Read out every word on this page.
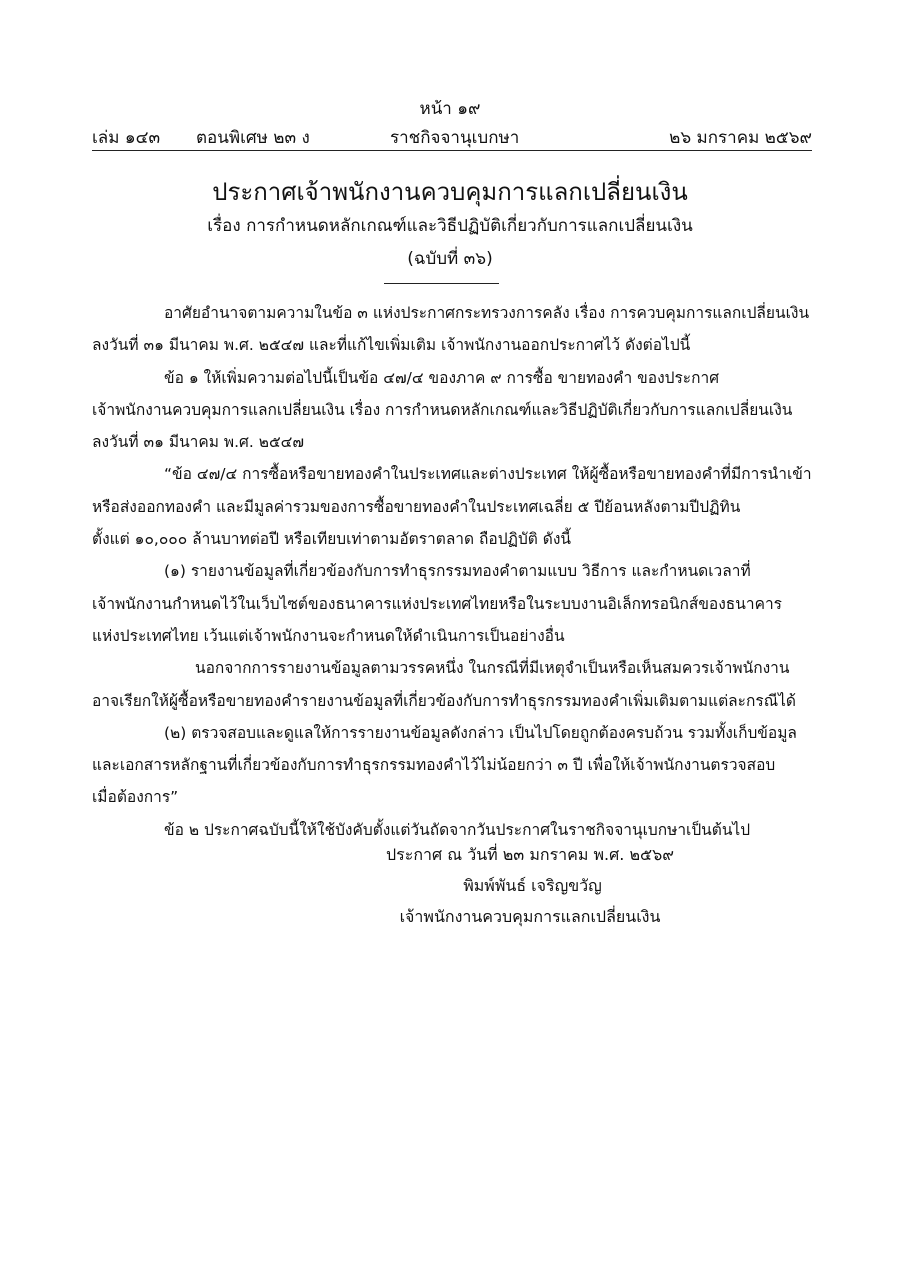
หน้า ๑๙
เล่ม ๑๔๓ ตอนพิเศษ ๒๓ ง	ราชกิจจานุเบกษา	๒๖ มกราคม ๒๕๖๙
ประกาศเจ้าพนักงานควบคุมการแลกเปลี่ยนเงิน
เรื่อง การกำหนดหลักเกณฑ์และวิธีปฏิบัติเกี่ยวกับการแลกเปลี่ยนเงิน
(ฉบับที่ ๓๖)
อาศัยอำนาจตามความในข้อ ๓ แห่งประกาศกระทรวงการคลัง เรื่อง การควบคุมการแลกเปลี่ยนเงิน
ลงวันที่ ๓๑ มีนาคม พ.ศ. ๒๕๔๗ และที่แก้ไขเพิ่มเติม เจ้าพนักงานออกประกาศไว้ ดังต่อไปนี้
ข้อ ๑ ให้เพิ่มความต่อไปนี้เป็นข้อ ๔๗/๔ ของภาค ๙ การซื้อ ขายทองคำ ของประกาศ
เจ้าพนักงานควบคุมการแลกเปลี่ยนเงิน เรื่อง การกำหนดหลักเกณฑ์และวิธีปฏิบัติเกี่ยวกับการแลกเปลี่ยนเงิน
ลงวันที่ ๓๑ มีนาคม พ.ศ. ๒๕๔๗
“ข้อ ๔๗/๔ การซื้อหรือขายทองคำในประเทศและต่างประเทศ ให้ผู้ซื้อหรือขายทองคำที่มีการนำเข้า
หรือส่งออกทองคำ และมีมูลค่ารวมของการซื้อขายทองคำในประเทศเฉลี่ย ๕ ปีย้อนหลังตามปีปฏิทิน
ตั้งแต่ ๑๐,๐๐๐ ล้านบาทต่อปี หรือเทียบเท่าตามอัตราตลาด ถือปฏิบัติ ดังนี้
(๑) รายงานข้อมูลที่เกี่ยวข้องกับการทำธุรกรรมทองคำตามแบบ วิธีการ และกำหนดเวลาที่
เจ้าพนักงานกำหนดไว้ในเว็บไซต์ของธนาคารแห่งประเทศไทยหรือในระบบงานอิเล็กทรอนิกส์ของธนาคาร
แห่งประเทศไทย เว้นแต่เจ้าพนักงานจะกำหนดให้ดำเนินการเป็นอย่างอื่น
นอกจากการรายงานข้อมูลตามวรรคหนึ่ง ในกรณีที่มีเหตุจำเป็นหรือเห็นสมควรเจ้าพนักงาน
อาจเรียกให้ผู้ซื้อหรือขายทองคำรายงานข้อมูลที่เกี่ยวข้องกับการทำธุรกรรมทองคำเพิ่มเติมตามแต่ละกรณีได้
(๒) ตรวจสอบและดูแลให้การรายงานข้อมูลดังกล่าว เป็นไปโดยถูกต้องครบถ้วน รวมทั้งเก็บข้อมูล
และเอกสารหลักฐานที่เกี่ยวข้องกับการทำธุรกรรมทองคำไว้ไม่น้อยกว่า ๓ ปี เพื่อให้เจ้าพนักงานตรวจสอบ
เมื่อต้องการ”
ข้อ ๒ ประกาศฉบับนี้ให้ใช้บังคับตั้งแต่วันถัดจากวันประกาศในราชกิจจานุเบกษาเป็นต้นไป
ประกาศ ณ วันที่ ๒๓ มกราคม พ.ศ. ๒๕๖๙
พิมพ์พันธ์ เจริญขวัญ
เจ้าพนักงานควบคุมการแลกเปลี่ยนเงิน
